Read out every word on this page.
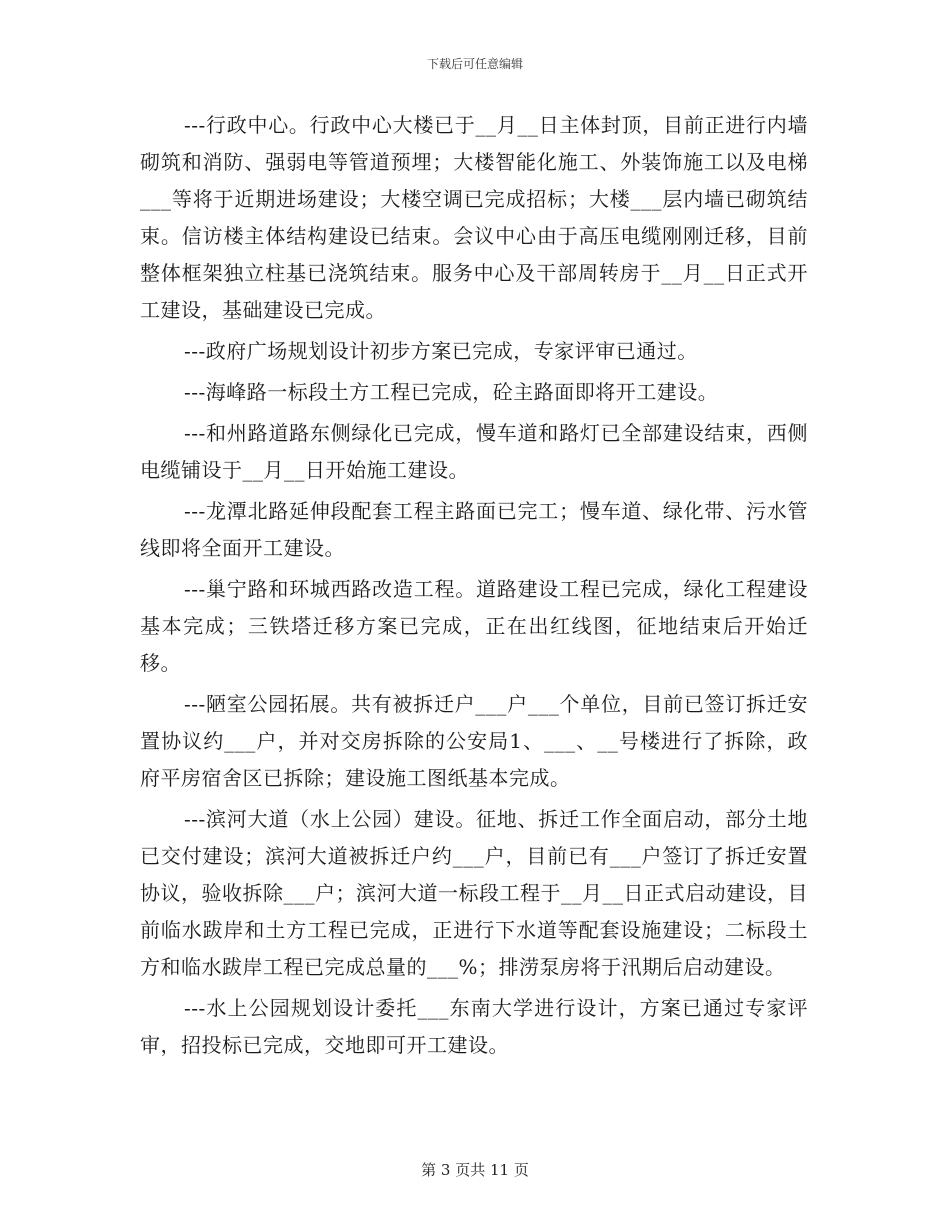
下载后可任意编辑

---行政中心。行政中心大楼已于__月__日主体封顶，目前正进行内墙砌筑和消防、强弱电等管道预埋；大楼智能化施工、外装饰施工以及电梯___等将于近期进场建设；大楼空调已完成招标；大楼___层内墙已砌筑结束。信访楼主体结构建设已结束。会议中心由于高压电缆刚刚迁移，目前整体框架独立柱基已浇筑结束。服务中心及干部周转房于__月__日正式开工建设，基础建设已完成。

---政府广场规划设计初步方案已完成，专家评审已通过。

---海峰路一标段土方工程已完成，砼主路面即将开工建设。

---和州路道路东侧绿化已完成，慢车道和路灯已全部建设结束，西侧电缆铺设于__月__日开始施工建设。

---龙潭北路延伸段配套工程主路面已完工；慢车道、绿化带、污水管线即将全面开工建设。

---巢宁路和环城西路改造工程。道路建设工程已完成，绿化工程建设基本完成；三铁塔迁移方案已完成，正在出红线图，征地结束后开始迁移。

---陋室公园拓展。共有被拆迁户___户___个单位，目前已签订拆迁安置协议约___户，并对交房拆除的公安局1、___、__号楼进行了拆除，政府平房宿舍区已拆除；建设施工图纸基本完成。

---滨河大道（水上公园）建设。征地、拆迁工作全面启动，部分土地已交付建设；滨河大道被拆迁户约___户，目前已有___户签订了拆迁安置协议，验收拆除___户；滨河大道一标段工程于__月__日正式启动建设，目前临水跋岸和土方工程已完成，正进行下水道等配套设施建设；二标段土方和临水跋岸工程已完成总量的___%；排涝泵房将于汛期后启动建设。

---水上公园规划设计委托___东南大学进行设计，方案已通过专家评审，招投标已完成，交地即可开工建设。

第 3 页共 11 页
